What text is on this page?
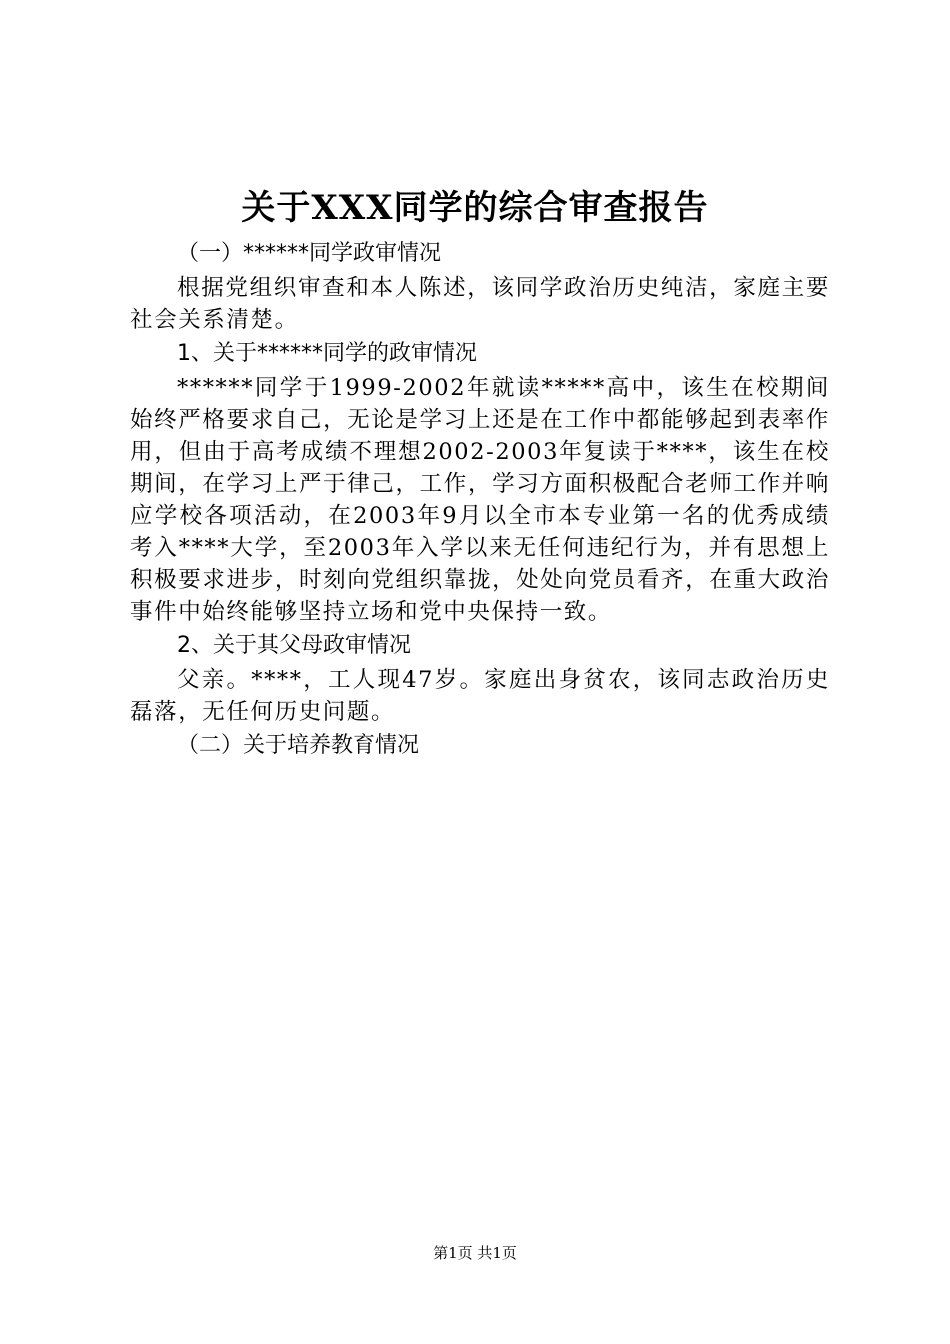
关于XXX同学的综合审查报告
（一）******同学政审情况

根据党组织审查和本人陈述，该同学政治历史纯洁，家庭主要社会关系清楚。

1、关于******同学的政审情况

******同学于1999-2002年就读*****高中，该生在校期间始终严格要求自己，无论是学习上还是在工作中都能够起到表率作用，但由于高考成绩不理想2002-2003年复读于****，该生在校期间，在学习上严于律己，工作，学习方面积极配合老师工作并响应学校各项活动，在2003年9月以全市本专业第一名的优秀成绩考入****大学，至2003年入学以来无任何违纪行为，并有思想上积极要求进步，时刻向党组织靠拢，处处向党员看齐，在重大政治事件中始终能够坚持立场和党中央保持一致。

2、关于其父母政审情况

父亲。****，工人现47岁。家庭出身贫农，该同志政治历史磊落，无任何历史问题。

（二）关于培养教育情况
第1页 共1页
